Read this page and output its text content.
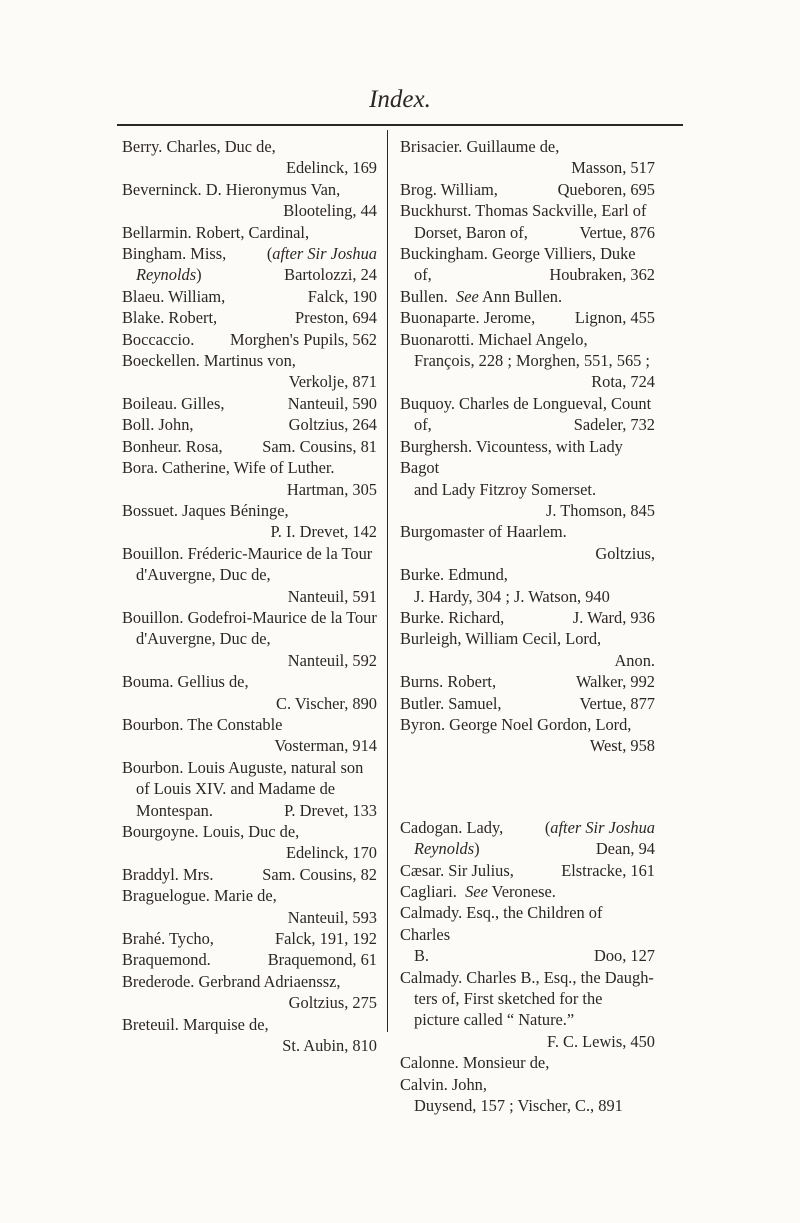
Index.
Berry. Charles, Duc de,
Edelinck, 169
Beverninck. D. Hieronymus Van,
Blooteling, 44
Bellarmin. Robert, Cardinal,
Bingham. Miss, (after Sir Joshua
Reynolds)	Bartolozzi, 24
Blaeu. William,	Falck, 190
Blake. Robert,	Preston, 694
Boccaccio. Morghen's Pupils, 562
Boeckellen. Martinus von,
Verkolje, 871
Boileau. Gilles,	Nanteuil, 590
Boll. John,	Goltzius, 264
Bonheur. Rosa, Sam. Cousins, 81
Bora. Catherine, Wife of Luther.
Hartman, 305
Bossuet. Jaques Béninge,
P. I. Drevet, 142
Bouillon. Fréderic-Maurice de la Tour
d'Auvergne, Duc de,
Nanteuil, 591
Bouillon. Godefroi-Maurice de la Tour
d'Auvergne, Duc de,
Nanteuil, 592
Bouma. Gellius de,
C. Vischer, 890
Bourbon. The Constable
Vosterman, 914
Bourbon. Louis Auguste, natural son
of Louis XIV. and Madame de
Montespan.	P. Drevet, 133
Bourgoyne. Louis, Duc de,
Edelinck, 170
Braddyl. Mrs.	Sam. Cousins, 82
Braguelogue. Marie de,
Nanteuil, 593
Brahé. Tycho,	Falck, 191, 192
Braquemond.	Braquemond, 61
Brederode. Gerbrand Adriaenssz,
Goltzius, 275
Breteuil. Marquise de,
St. Aubin, 810
Brisacier. Guillaume de,
Masson, 517
Brog. William,	Queboren, 695
Buckhurst. Thomas Sackville, Earl of
Dorset, Baron of,	Vertue, 876
Buckingham. George Villiers, Duke
of,	Houbraken, 362
Bullen. See Ann Bullen.
Buonaparte. Jerome, Lignon, 455
Buonarotti. Michael Angelo,
François, 228 ; Morghen, 551, 565 ;
Rota, 724
Buquoy. Charles de Longueval, Count
of,	Sadeler, 732
Burghersh. Vicountess, with Lady Bagot
and Lady Fitzroy Somerset.
J. Thomson, 845
Burgomaster of Haarlem.
Goltzius,
Burke. Edmund,
J. Hardy, 304 ; J. Watson, 940
Burke. Richard,	J. Ward, 936
Burleigh, William Cecil, Lord,
Anon.
Burns. Robert,	Walker, 992
Butler. Samuel,	Vertue, 877
Byron. George Noel Gordon, Lord,
West, 958
Cadogan. Lady,	(after Sir Joshua
Reynolds)	Dean, 94
Cæsar. Sir Julius,	Elstracke, 161
Cagliari. See Veronese.
Calmady. Esq., the Children of Charles
B.	Doo, 127
Calmady. Charles B., Esq., the Daugh-
ters of, First sketched for the
picture called “ Nature.”
F. C. Lewis, 450
Calonne. Monsieur de,
Calvin. John,
Duysend, 157 ; Vischer, C., 891
